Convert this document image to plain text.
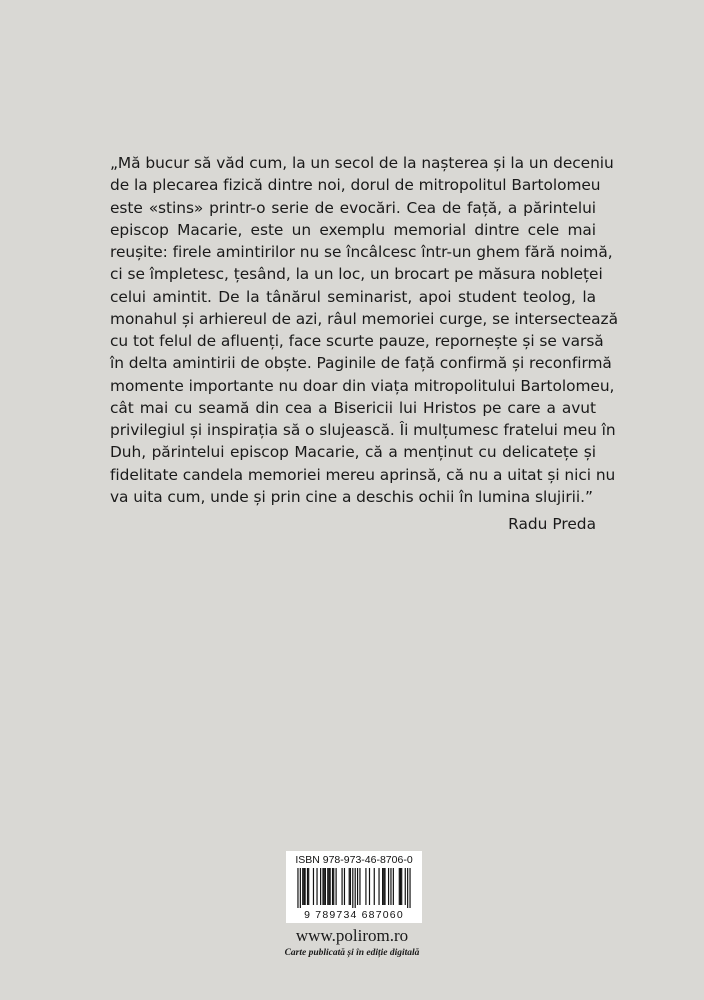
„Mă bucur să văd cum, la un secol de la nașterea și la un deceniu
de la plecarea fizică dintre noi, dorul de mitropolitul Bartolomeu
este «stins» printr-o serie de evocări. Cea de față, a părintelui
episcop Macarie, este un exemplu memorial dintre cele mai
reușite: firele amintirilor nu se încâlcesc într-un ghem fără noimă,
ci se împletesc, țesând, la un loc, un brocart pe măsura nobleței
celui amintit. De la tânărul seminarist, apoi student teolog, la
monahul și arhiereul de azi, râul memoriei curge, se intersectează
cu tot felul de afluenți, face scurte pauze, repornește și se varsă
în delta amintirii de obște. Paginile de față confirmă și reconfirmă
momente importante nu doar din viața mitropolitului Bartolomeu,
cât mai cu seamă din cea a Bisericii lui Hristos pe care a avut
privilegiul și inspirația să o slujească. Îi mulțumesc fratelui meu în
Duh, părintelui episcop Macarie, că a menținut cu delicatețe și
fidelitate candela memoriei mereu aprinsă, că nu a uitat și nici nu
va uita cum, unde și prin cine a deschis ochii în lumina slujirii.”
Radu Preda
ISBN 978-973-46-8706-0
9 789734 687060
www.polirom.ro
Carte publicată și în ediție digitală
